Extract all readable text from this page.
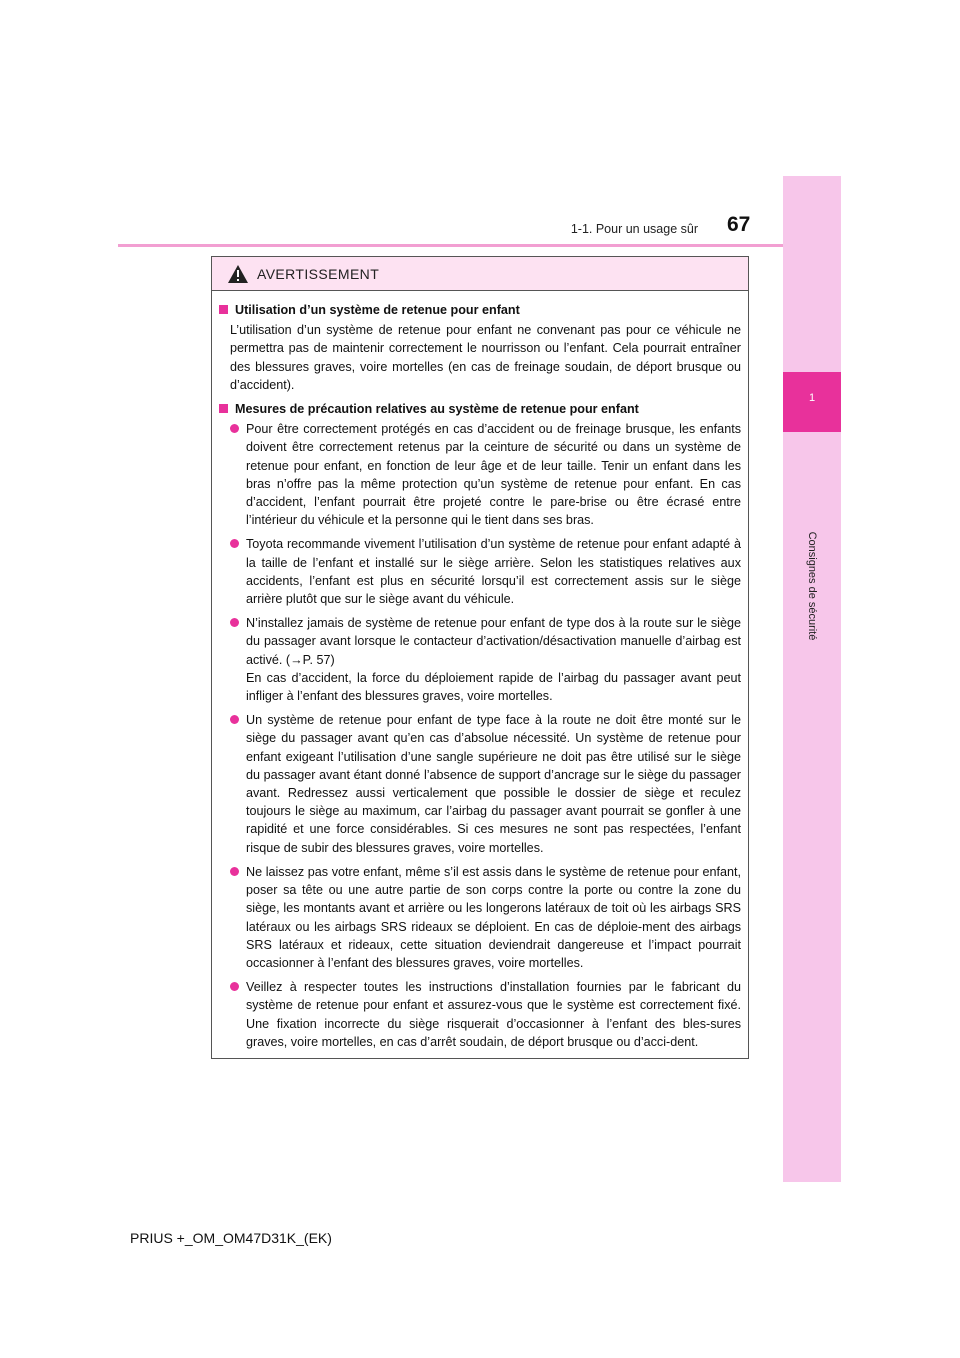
1
Consignes de sécurité
1-1. Pour un usage sûr 67
AVERTISSEMENT
Utilisation d’un système de retenue pour enfant
L’utilisation d’un système de retenue pour enfant ne convenant pas pour ce véhicule ne permettra pas de maintenir correctement le nourrisson ou l’enfant. Cela pourrait entraîner des blessures graves, voire mortelles (en cas de freinage soudain, de déport brusque ou d’accident).
Mesures de précaution relatives au système de retenue pour enfant
Pour être correctement protégés en cas d’accident ou de freinage brusque, les enfants doivent être correctement retenus par la ceinture de sécurité ou dans un système de retenue pour enfant, en fonction de leur âge et de leur taille. Tenir un enfant dans les bras n’offre pas la même protection qu’un système de retenue pour enfant. En cas d’accident, l’enfant pourrait être projeté contre le pare-brise ou être écrasé entre l’intérieur du véhicule et la personne qui le tient dans ses bras.
Toyota recommande vivement l’utilisation d’un système de retenue pour enfant adapté à la taille de l’enfant et installé sur le siège arrière. Selon les statistiques relatives aux accidents, l’enfant est plus en sécurité lorsqu’il est correctement assis sur le siège arrière plutôt que sur le siège avant du véhicule.
N’installez jamais de système de retenue pour enfant de type dos à la route sur le siège du passager avant lorsque le contacteur d’activation/désactivation manuelle d’airbag est activé. (→P. 57)
En cas d’accident, la force du déploiement rapide de l’airbag du passager avant peut infliger à l’enfant des blessures graves, voire mortelles.
Un système de retenue pour enfant de type face à la route ne doit être monté sur le siège du passager avant qu’en cas d’absolue nécessité. Un système de retenue pour enfant exigeant l’utilisation d’une sangle supérieure ne doit pas être utilisé sur le siège du passager avant étant donné l’absence de support d’ancrage sur le siège du passager avant. Redressez aussi verticalement que possible le dossier de siège et reculez toujours le siège au maximum, car l’airbag du passager avant pourrait se gonfler à une rapidité et une force considérables. Si ces mesures ne sont pas respectées, l’enfant risque de subir des blessures graves, voire mortelles.
Ne laissez pas votre enfant, même s’il est assis dans le système de retenue pour enfant, poser sa tête ou une autre partie de son corps contre la porte ou contre la zone du siège, les montants avant et arrière ou les longerons latéraux de toit où les airbags SRS latéraux ou les airbags SRS rideaux se déploient. En cas de déploie-ment des airbags SRS latéraux et rideaux, cette situation deviendrait dangereuse et l’impact pourrait occasionner à l’enfant des blessures graves, voire mortelles.
Veillez à respecter toutes les instructions d’installation fournies par le fabricant du système de retenue pour enfant et assurez-vous que le système est correctement fixé. Une fixation incorrecte du siège risquerait d’occasionner à l’enfant des bles-sures graves, voire mortelles, en cas d’arrêt soudain, de déport brusque ou d’acci-dent.
PRIUS +_OM_OM47D31K_(EK)
